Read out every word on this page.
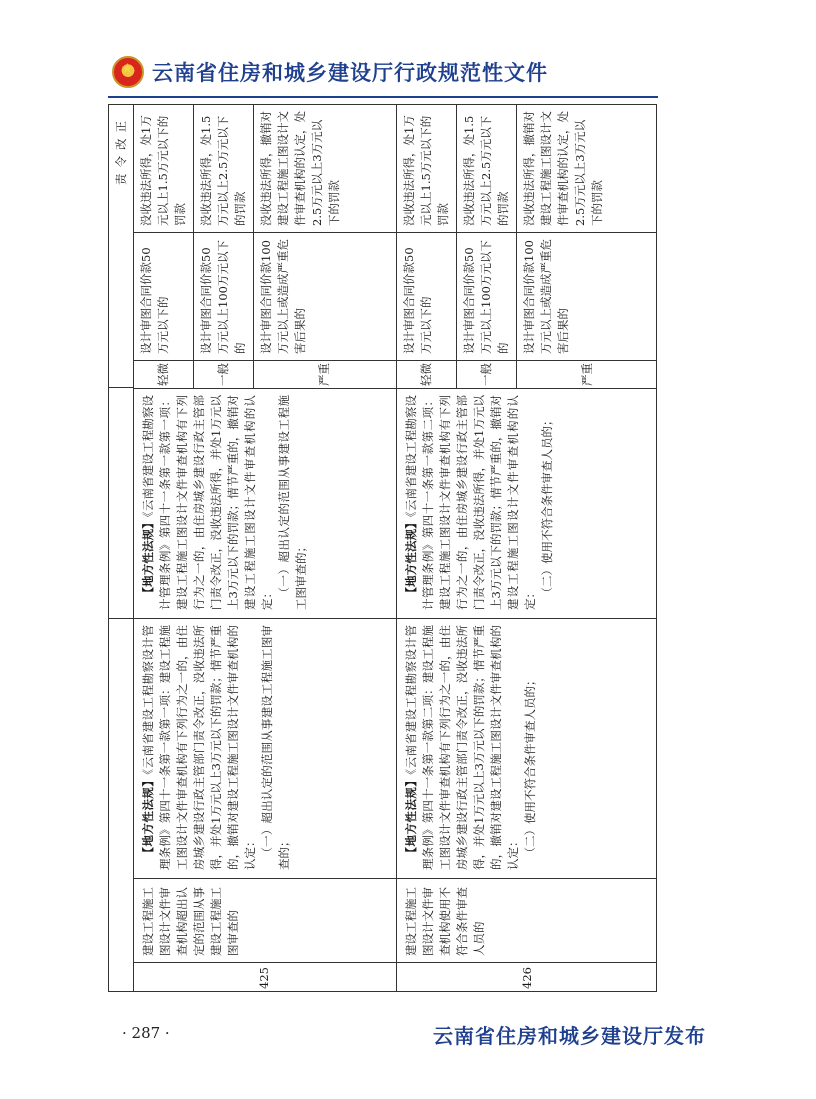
★
云南省住房和城乡建设厅行政规范性文件
责令改正
425
建设工程施工图设计文件审查机构超出认定的范围从事建设工程施工图审查的
【地方性法规】《云南省建设工程勘察设计管理条例》第四十一条第一款第一项：建设工程施工图设计文件审查机构有下列行为之一的，由住房城乡建设行政主管部门责令改正，没收违法所得，并处1万元以上3万元以下的罚款；情节严重的，撤销对建设工程施工图设计文件审查机构的认定： （一）超出认定的范围从事建设工程施工图审查的；
【地方性法规】《云南省建设工程勘察设计管理条例》第四十一条第一款第一项：建设工程施工图设计文件审查机构有下列行为之一的，由住房城乡建设行政主管部门责令改正，没收违法所得，并处1万元以上3万元以下的罚款；情节严重的，撤销对建设工程施工图设计文件审查机构的认定： （一）超出认定的范围从事建设工程施工图审查的；
轻微
设计审图合同价款50万元以下的
没收违法所得，处1万元以上1.5万元以下的罚款
一般
设计审图合同价款50万元以上100万元以下的
没收违法所得，处1.5万元以上2.5万元以下的罚款
严重
设计审图合同价款100万元以上或造成严重危害后果的
没收违法所得，撤销对建设工程施工图设计文件审查机构的认定，处2.5万元以上3万元以下的罚款
426
建设工程施工图设计文件审查机构使用不符合条件审查人员的
【地方性法规】《云南省建设工程勘察设计管理条例》第四十一条第一款第二项：建设工程施工图设计文件审查机构有下列行为之一的，由住房城乡建设行政主管部门责令改正，没收违法所得，并处1万元以上3万元以下的罚款；情节严重的，撤销对建设工程施工图设计文件审查机构的认定： （二）使用不符合条件审查人员的；
【地方性法规】《云南省建设工程勘察设计管理条例》第四十一条第一款第二项：建设工程施工图设计文件审查机构有下列行为之一的，由住房城乡建设行政主管部门责令改正，没收违法所得，并处1万元以上3万元以下的罚款；情节严重的，撤销对建设工程施工图设计文件审查机构的认定： （二）使用不符合条件审查人员的；
轻微
设计审图合同价款50万元以下的
没收违法所得，处1万元以上1.5万元以下的罚款
一般
设计审图合同价款50万元以上100万元以下的
没收违法所得，处1.5万元以上2.5万元以下的罚款
严重
设计审图合同价款100万元以上或造成严重危害后果的
没收违法所得，撤销对建设工程施工图设计文件审查机构的认定，处2.5万元以上3万元以下的罚款
· 287 ·	云南省住房和城乡建设厅发布
